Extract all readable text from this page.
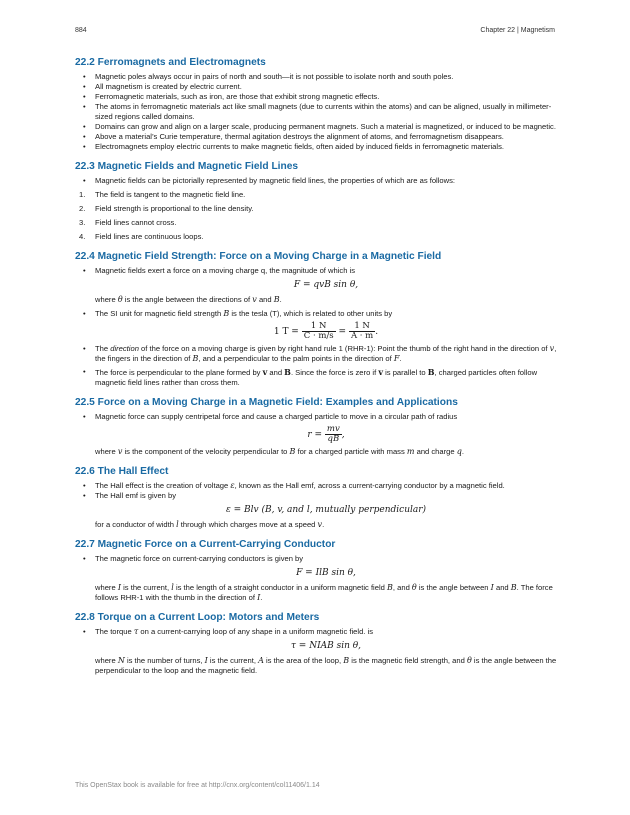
884	Chapter 22 | Magnetism
22.2 Ferromagnets and Electromagnets
• Magnetic poles always occur in pairs of north and south—it is not possible to isolate north and south poles.
• All magnetism is created by electric current.
• Ferromagnetic materials, such as iron, are those that exhibit strong magnetic effects.
• The atoms in ferromagnetic materials act like small magnets (due to currents within the atoms) and can be aligned, usually in millimeter-sized regions called domains.
• Domains can grow and align on a larger scale, producing permanent magnets. Such a material is magnetized, or induced to be magnetic.
• Above a material’s Curie temperature, thermal agitation destroys the alignment of atoms, and ferromagnetism disappears.
• Electromagnets employ electric currents to make magnetic fields, often aided by induced fields in ferromagnetic materials.
22.3 Magnetic Fields and Magnetic Field Lines
• Magnetic fields can be pictorially represented by magnetic field lines, the properties of which are as follows:
1. The field is tangent to the magnetic field line.
2. Field strength is proportional to the line density.
3. Field lines cannot cross.
4. Field lines are continuous loops.
22.4 Magnetic Field Strength: Force on a Moving Charge in a Magnetic Field
• Magnetic fields exert a force on a moving charge q, the magnitude of which is
F = qvB sin θ,
where θ is the angle between the directions of v and B.
• The SI unit for magnetic field strength B is the tesla (T), which is related to other units by
1 $T = \frac{1 N}{C \cdot m/s} = \frac{1 N}{A \cdot m}$ .
• The direction of the force on a moving charge is given by right hand rule 1 (RHR-1): Point the thumb of the right hand in the direction of v, the fingers in the direction of B, and a perpendicular to the palm points in the direction of F.
• The force is perpendicular to the plane formed by v and B. Since the force is zero if v is parallel to B, charged particles often follow magnetic field lines rather than cross them.
22.5 Force on a Moving Charge in a Magnetic Field: Examples and Applications
• Magnetic force can supply centripetal force and cause a charged particle to move in a circular path of radius
$r = \frac{mv}{qB}$ ,
where v is the component of the velocity perpendicular to B for a charged particle with mass m and charge q.
22.6 The Hall Effect
• The Hall effect is the creation of voltage ε, known as the Hall emf, across a current-carrying conductor by a magnetic field.
• The Hall emf is given by
ε = Blv (B, v, and l, mutually perpendicular)
for a conductor of width l through which charges move at a speed v.
22.7 Magnetic Force on a Current-Carrying Conductor
• The magnetic force on current-carrying conductors is given by
F = IlB sin θ,
where I is the current, l is the length of a straight conductor in a uniform magnetic field B, and θ is the angle between I and B. The force follows RHR-1 with the thumb in the direction of I.
22.8 Torque on a Current Loop: Motors and Meters
• The torque τ on a current-carrying loop of any shape in a uniform magnetic field. is
τ = NIAB sin θ,
where N is the number of turns, I is the current, A is the area of the loop, B is the magnetic field strength, and θ is the angle between the perpendicular to the loop and the magnetic field.
This OpenStax book is available for free at http://cnx.org/content/col11406/1.14
